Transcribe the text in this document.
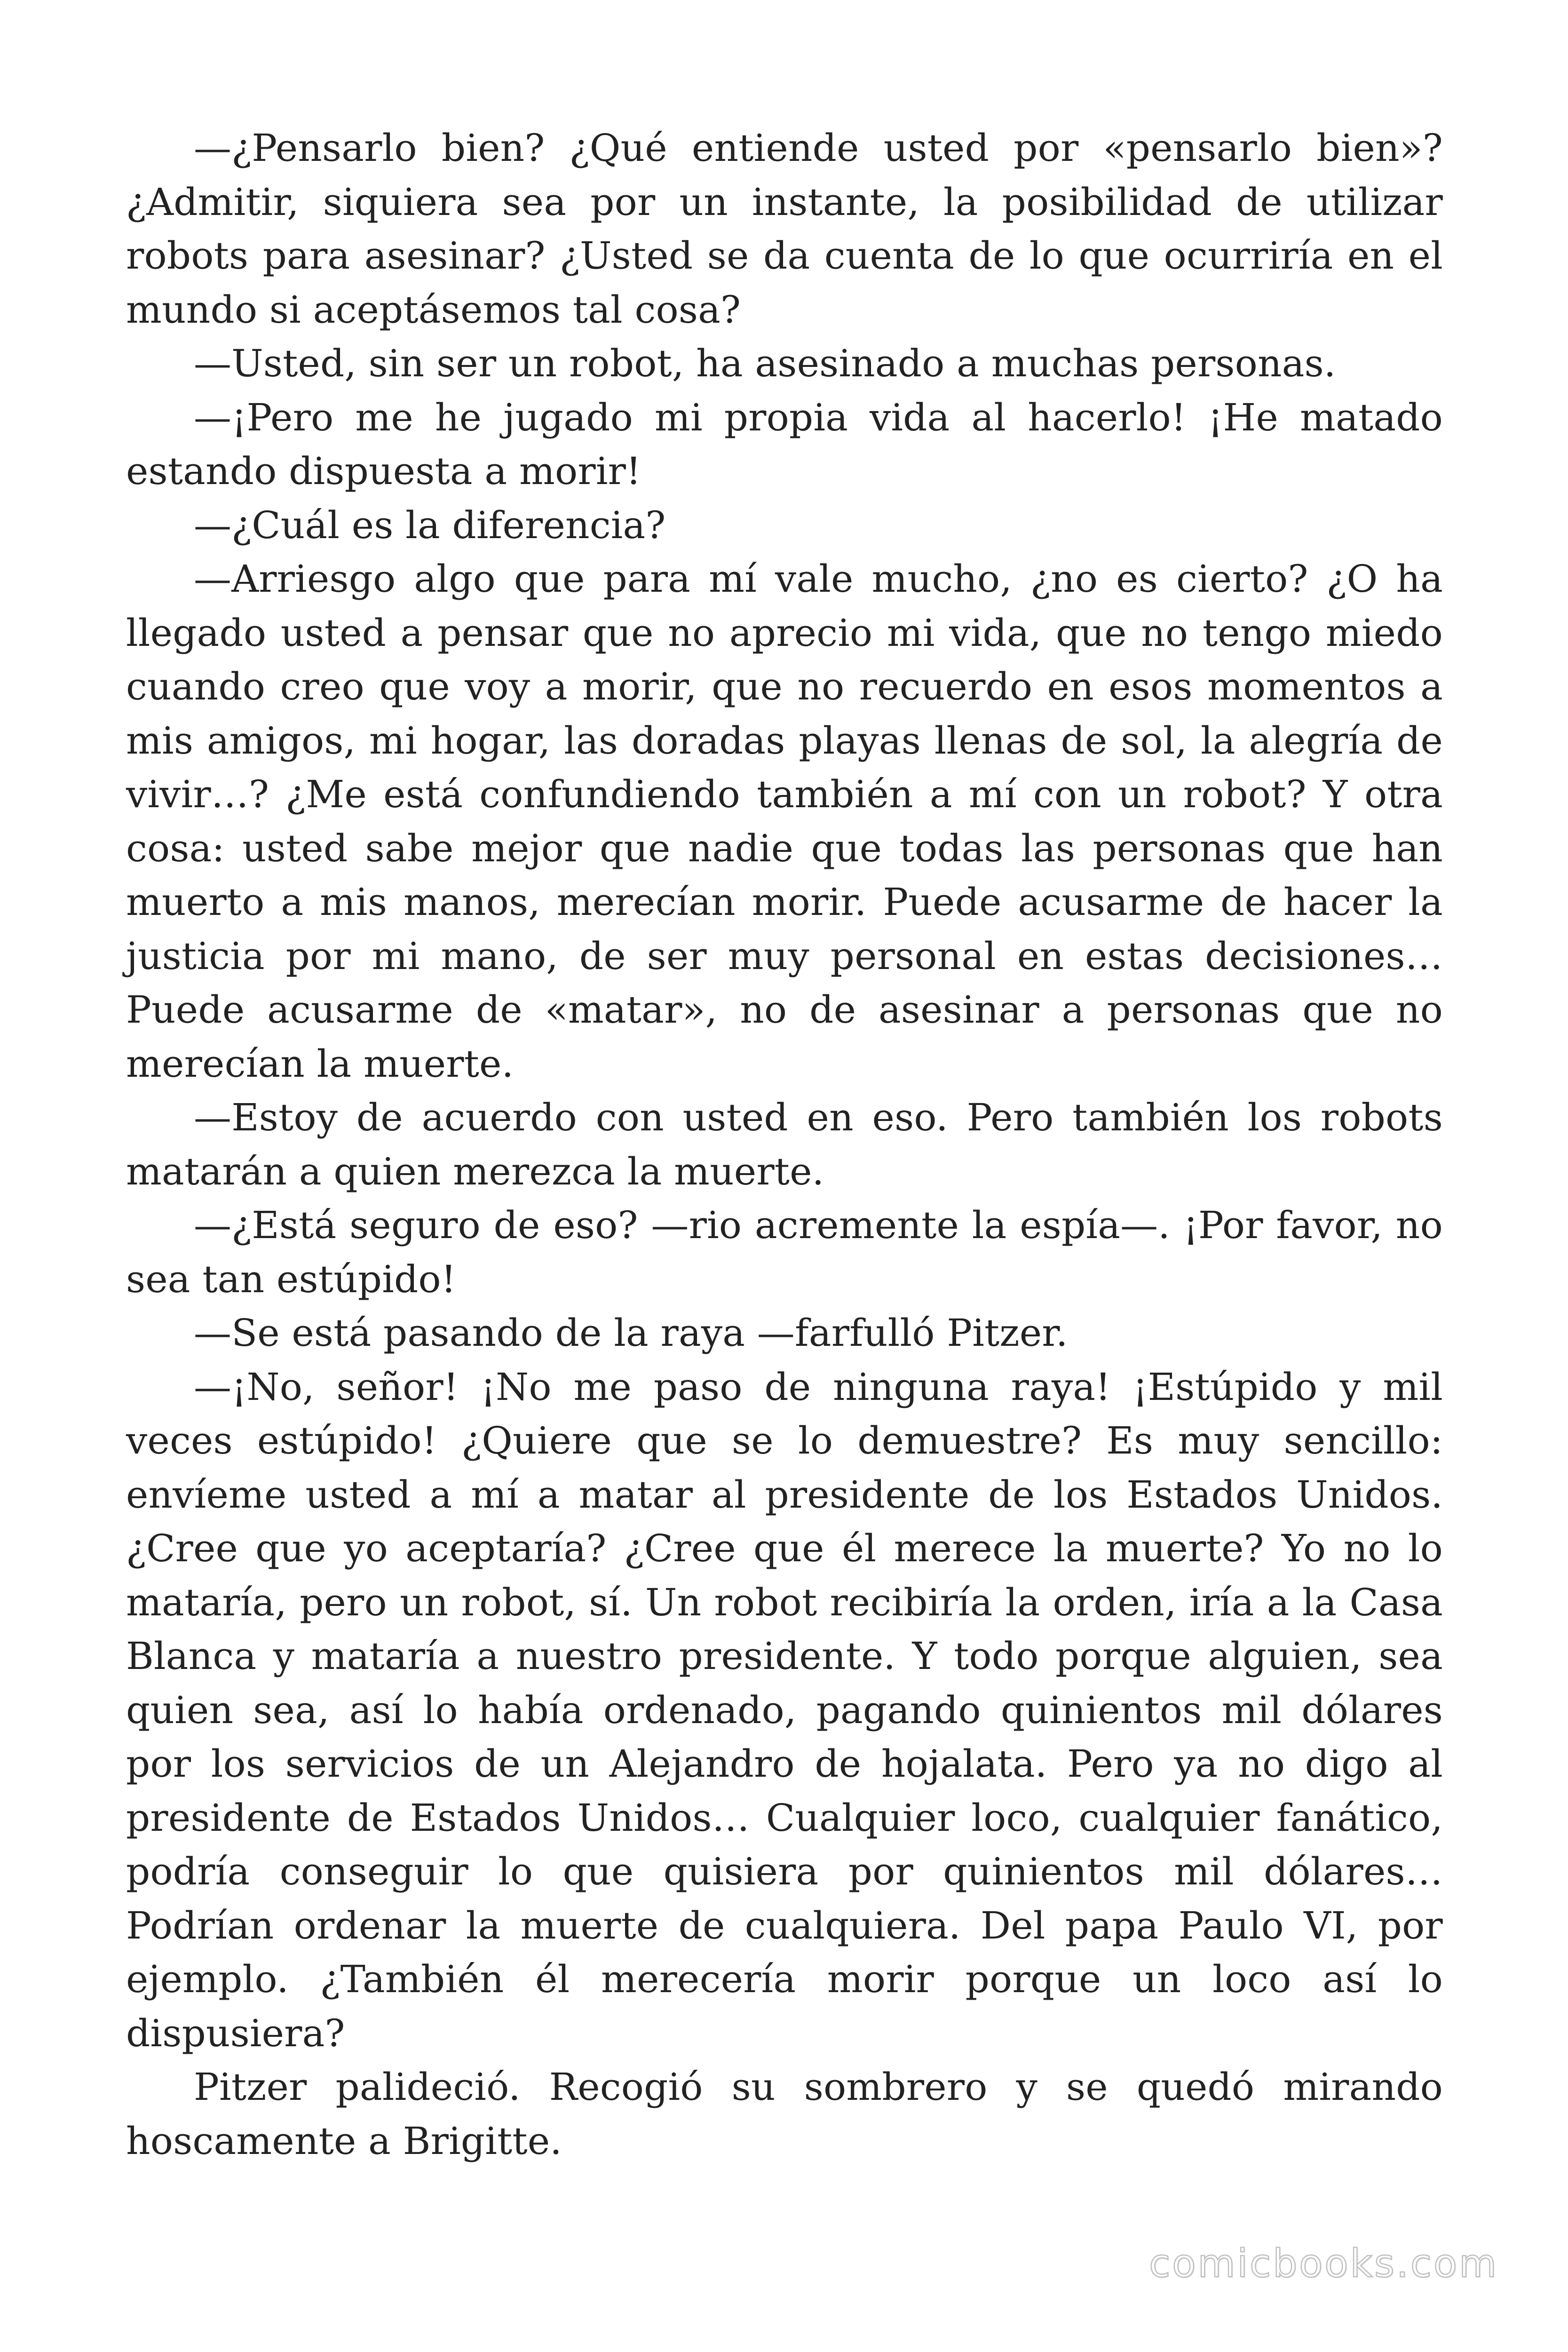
—¿Pensarlo bien? ¿Qué entiende usted por «pensarlo bien»? ¿Admitir, siquiera sea por un instante, la posibilidad de utilizar robots para asesinar? ¿Usted se da cuenta de lo que ocurriría en el mundo si aceptásemos tal cosa?

—Usted, sin ser un robot, ha asesinado a muchas personas.

—¡Pero me he jugado mi propia vida al hacerlo! ¡He matado estando dispuesta a morir!

—¿Cuál es la diferencia?

—Arriesgo algo que para mí vale mucho, ¿no es cierto? ¿O ha llegado usted a pensar que no aprecio mi vida, que no tengo miedo cuando creo que voy a morir, que no recuerdo en esos momentos a mis amigos, mi hogar, las doradas playas llenas de sol, la alegría de vivir…? ¿Me está confundiendo también a mí con un robot? Y otra cosa: usted sabe mejor que nadie que todas las personas que han muerto a mis manos, merecían morir. Puede acusarme de hacer la justicia por mi mano, de ser muy personal en estas decisiones… Puede acusarme de «matar», no de asesinar a personas que no merecían la muerte.

—Estoy de acuerdo con usted en eso. Pero también los robots matarán a quien merezca la muerte.

—¿Está seguro de eso? —rio acremente la espía—. ¡Por favor, no sea tan estúpido!

—Se está pasando de la raya —farfulló Pitzer.

—¡No, señor! ¡No me paso de ninguna raya! ¡Estúpido y mil veces estúpido! ¿Quiere que se lo demuestre? Es muy sencillo: envíeme usted a mí a matar al presidente de los Estados Unidos. ¿Cree que yo aceptaría? ¿Cree que él merece la muerte? Yo no lo mataría, pero un robot, sí. Un robot recibiría la orden, iría a la Casa Blanca y mataría a nuestro presidente. Y todo porque alguien, sea quien sea, así lo había ordenado, pagando quinientos mil dólares por los servicios de un Alejandro de hojalata. Pero ya no digo al presidente de Estados Unidos… Cualquier loco, cualquier fanático, podría conseguir lo que quisiera por quinientos mil dólares… Podrían ordenar la muerte de cualquiera. Del papa Paulo VI, por ejemplo. ¿También él merecería morir porque un loco así lo dispusiera?

Pitzer palideció. Recogió su sombrero y se quedó mirando hoscamente a Brigitte.

comicbooks.com
